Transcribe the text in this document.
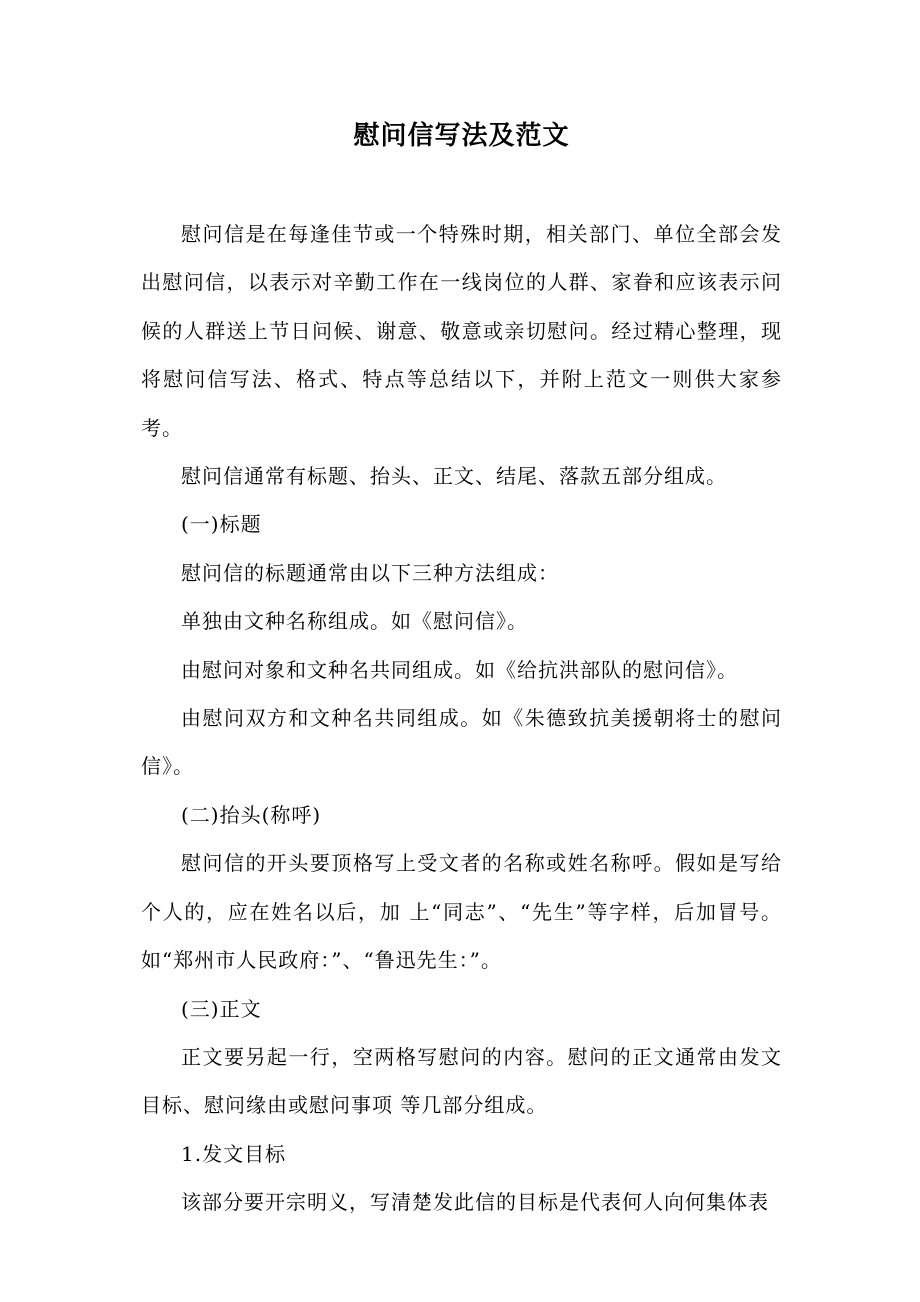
慰问信写法及范文

慰问信是在每逢佳节或一个特殊时期，相关部门、单位全部会发出慰问信，以表示对辛勤工作在一线岗位的人群、家眷和应该表示问候的人群送上节日问候、谢意、敬意或亲切慰问。经过精心整理，现将慰问信写法、格式、特点等总结以下，并附上范文一则供大家参考。

慰问信通常有标题、抬头、正文、结尾、落款五部分组成。

(一)标题

慰问信的标题通常由以下三种方法组成：

单独由文种名称组成。如《慰问信》。

由慰问对象和文种名共同组成。如《给抗洪部队的慰问信》。

由慰问双方和文种名共同组成。如《朱德致抗美援朝将士的慰问信》。

(二)抬头(称呼)

慰问信的开头要顶格写上受文者的名称或姓名称呼。假如是写给个人的，应在姓名以后，加 上“同志”、“先生”等字样，后加冒号。如“郑州市人民政府：”、“鲁迅先生：”。

(三)正文

正文要另起一行，空两格写慰问的内容。慰问的正文通常由发文目标、慰问缘由或慰问事项 等几部分组成。

1.发文目标

该部分要开宗明义，写清楚发此信的目标是代表何人向何集体表
